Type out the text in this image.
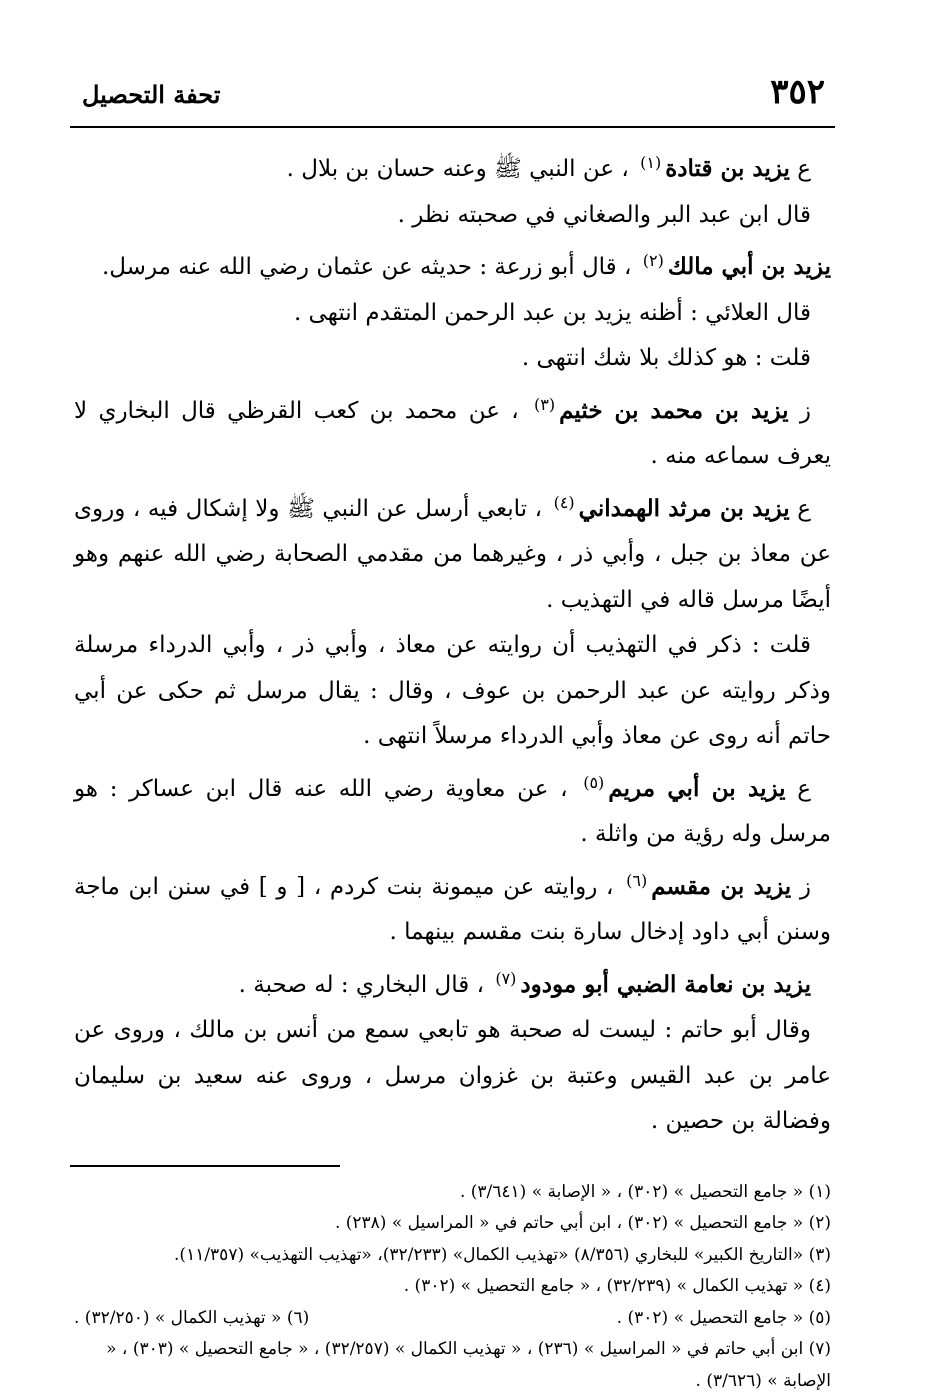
٣٥٢
تحفة التحصيل

ع يزيد بن قتادة$^{(١)}$ ، عن النبي ﷺ وعنه حسان بن بلال .

قال ابن عبد البر والصغاني في صحبته نظر .

يزيد بن أبي مالك$^{(٢)}$ ، قال أبو زرعة : حديثه عن عثمان رضي الله عنه مرسل.

قال العلائي : أظنه يزيد بن عبد الرحمن المتقدم انتهى .

قلت : هو كذلك بلا شك انتهى .

ز يزيد بن محمد بن خثيم$^{(٣)}$ ، عن محمد بن كعب القرظي قال البخاري لا يعرف سماعه منه .

ع يزيد بن مرثد الهمداني$^{(٤)}$ ، تابعي أرسل عن النبي ﷺ ولا إشكال فيه ، وروى عن معاذ بن جبل ، وأبي ذر ، وغيرهما من مقدمي الصحابة رضي الله عنهم وهو أيضًا مرسل قاله في التهذيب .

قلت : ذكر في التهذيب أن روايته عن معاذ ، وأبي ذر ، وأبي الدرداء مرسلة وذكر روايته عن عبد الرحمن بن عوف ، وقال : يقال مرسل ثم حكى عن أبي حاتم أنه روى عن معاذ وأبي الدرداء مرسلاً انتهى .

ع يزيد بن أبي مريم$^{(٥)}$ ، عن معاوية رضي الله عنه قال ابن عساكر : هو مرسل وله رؤية من واثلة .

ز يزيد بن مقسم$^{(٦)}$ ، روايته عن ميمونة بنت كردم ، [ و ] في سنن ابن ماجة وسنن أبي داود إدخال سارة بنت مقسم بينهما .

يزيد بن نعامة الضبي أبو مودود$^{(٧)}$ ، قال البخاري : له صحبة .

وقال أبو حاتم : ليست له صحبة هو تابعي سمع من أنس بن مالك ، وروى عن عامر بن عبد القيس وعتبة بن غزوان مرسل ، وروى عنه سعيد بن سليمان وفضالة بن حصين .

(١) « جامع التحصيل » (٣٠٢) ، « الإصابة » (٣/٦٤١) .

(٢) « جامع التحصيل » (٣٠٢) ، ابن أبي حاتم في « المراسيل » (٢٣٨) .

(٣) «التاريخ الكبير» للبخاري (٨/٣٥٦) «تهذيب الكمال» (٣٢/٢٣٣)، «تهذيب التهذيب» (١١/٣٥٧).

(٤) « تهذيب الكمال » (٣٢/٢٣٩) ، « جامع التحصيل » (٣٠٢) .

(٥) « جامع التحصيل » (٣٠٢) .
(٦) « تهذيب الكمال » (٣٢/٢٥٠) .

(٧) ابن أبي حاتم في « المراسيل » (٢٣٦) ، « تهذيب الكمال » (٣٢/٢٥٧) ، « جامع التحصيل » (٣٠٣) ، « الإصابة » (٣/٦٢٦) .
